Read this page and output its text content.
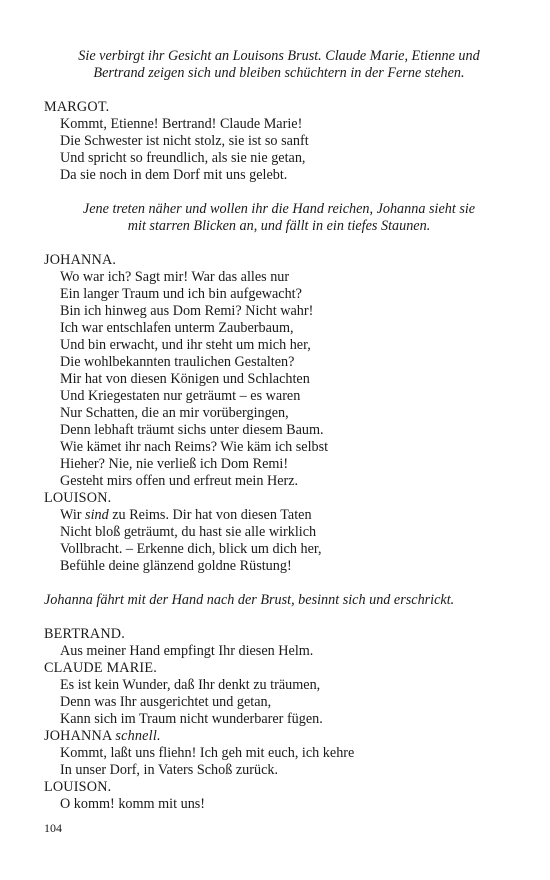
Sie verbirgt ihr Gesicht an Louisons Brust. Claude Marie, Etienne und
Bertrand zeigen sich und bleiben schüchtern in der Ferne stehen.
MARGOT.
Kommt, Etienne! Bertrand! Claude Marie!
Die Schwester ist nicht stolz, sie ist so sanft
Und spricht so freundlich, als sie nie getan,
Da sie noch in dem Dorf mit uns gelebt.
Jene treten näher und wollen ihr die Hand reichen, Johanna sieht sie
mit starren Blicken an, und fällt in ein tiefes Staunen.
JOHANNA.
Wo war ich? Sagt mir! War das alles nur
Ein langer Traum und ich bin aufgewacht?
Bin ich hinweg aus Dom Remi? Nicht wahr!
Ich war entschlafen unterm Zauberbaum,
Und bin erwacht, und ihr steht um mich her,
Die wohlbekannten traulichen Gestalten?
Mir hat von diesen Königen und Schlachten
Und Kriegestaten nur geträumt – es waren
Nur Schatten, die an mir vorübergingen,
Denn lebhaft träumt sichs unter diesem Baum.
Wie kämet ihr nach Reims? Wie käm ich selbst
Hieher? Nie, nie verließ ich Dom Remi!
Gesteht mirs offen und erfreut mein Herz.
LOUISON.
Wir sind zu Reims. Dir hat von diesen Taten
Nicht bloß geträumt, du hast sie alle wirklich
Vollbracht. – Erkenne dich, blick um dich her,
Befühle deine glänzend goldne Rüstung!
Johanna fährt mit der Hand nach der Brust, besinnt sich und erschrickt.
BERTRAND.
Aus meiner Hand empfingt Ihr diesen Helm.
CLAUDE MARIE.
Es ist kein Wunder, daß Ihr denkt zu träumen,
Denn was Ihr ausgerichtet und getan,
Kann sich im Traum nicht wunderbarer fügen.
JOHANNA schnell.
Kommt, laßt uns fliehn! Ich geh mit euch, ich kehre
In unser Dorf, in Vaters Schoß zurück.
LOUISON.
O komm! komm mit uns!
104
